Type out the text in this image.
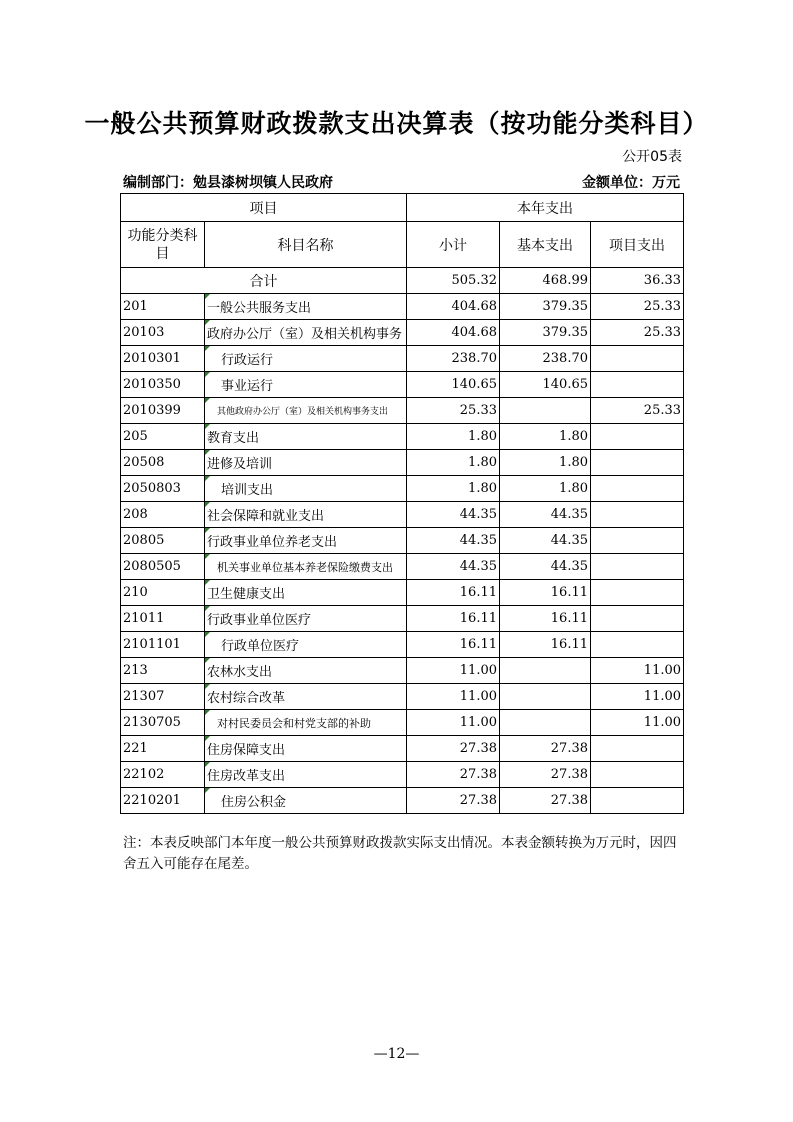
一般公共预算财政拨款支出决算表（按功能分类科目）
公开05表
编制部门：勉县漆树坝镇人民政府	金额单位：万元
项目		本年支出		
功能分类科目	科目名称	小计	基本支出	项目支出
合计		505.32	468.99	36.33
201	一般公共服务支出	404.68	379.35	25.33
20103	政府办公厅（室）及相关机构事务	404.68	379.35	25.33
2010301	行政运行	238.70	238.70	
2010350	事业运行	140.65	140.65	
2010399	其他政府办公厅（室）及相关机构事务支出	25.33		25.33
205	教育支出	1.80	1.80	
20508	进修及培训	1.80	1.80	
2050803	培训支出	1.80	1.80	
208	社会保障和就业支出	44.35	44.35	
20805	行政事业单位养老支出	44.35	44.35	
2080505	机关事业单位基本养老保险缴费支出	44.35	44.35	
210	卫生健康支出	16.11	16.11	
21011	行政事业单位医疗	16.11	16.11	
2101101	行政单位医疗	16.11	16.11	
213	农林水支出	11.00		11.00
21307	农村综合改革	11.00		11.00
2130705	对村民委员会和村党支部的补助	11.00		11.00
221	住房保障支出	27.38	27.38	
22102	住房改革支出	27.38	27.38	
2210201	住房公积金	27.38	27.38	
注：本表反映部门本年度一般公共预算财政拨款实际支出情况。本表金额转换为万元时，因四舍五入可能存在尾差。
—12—
